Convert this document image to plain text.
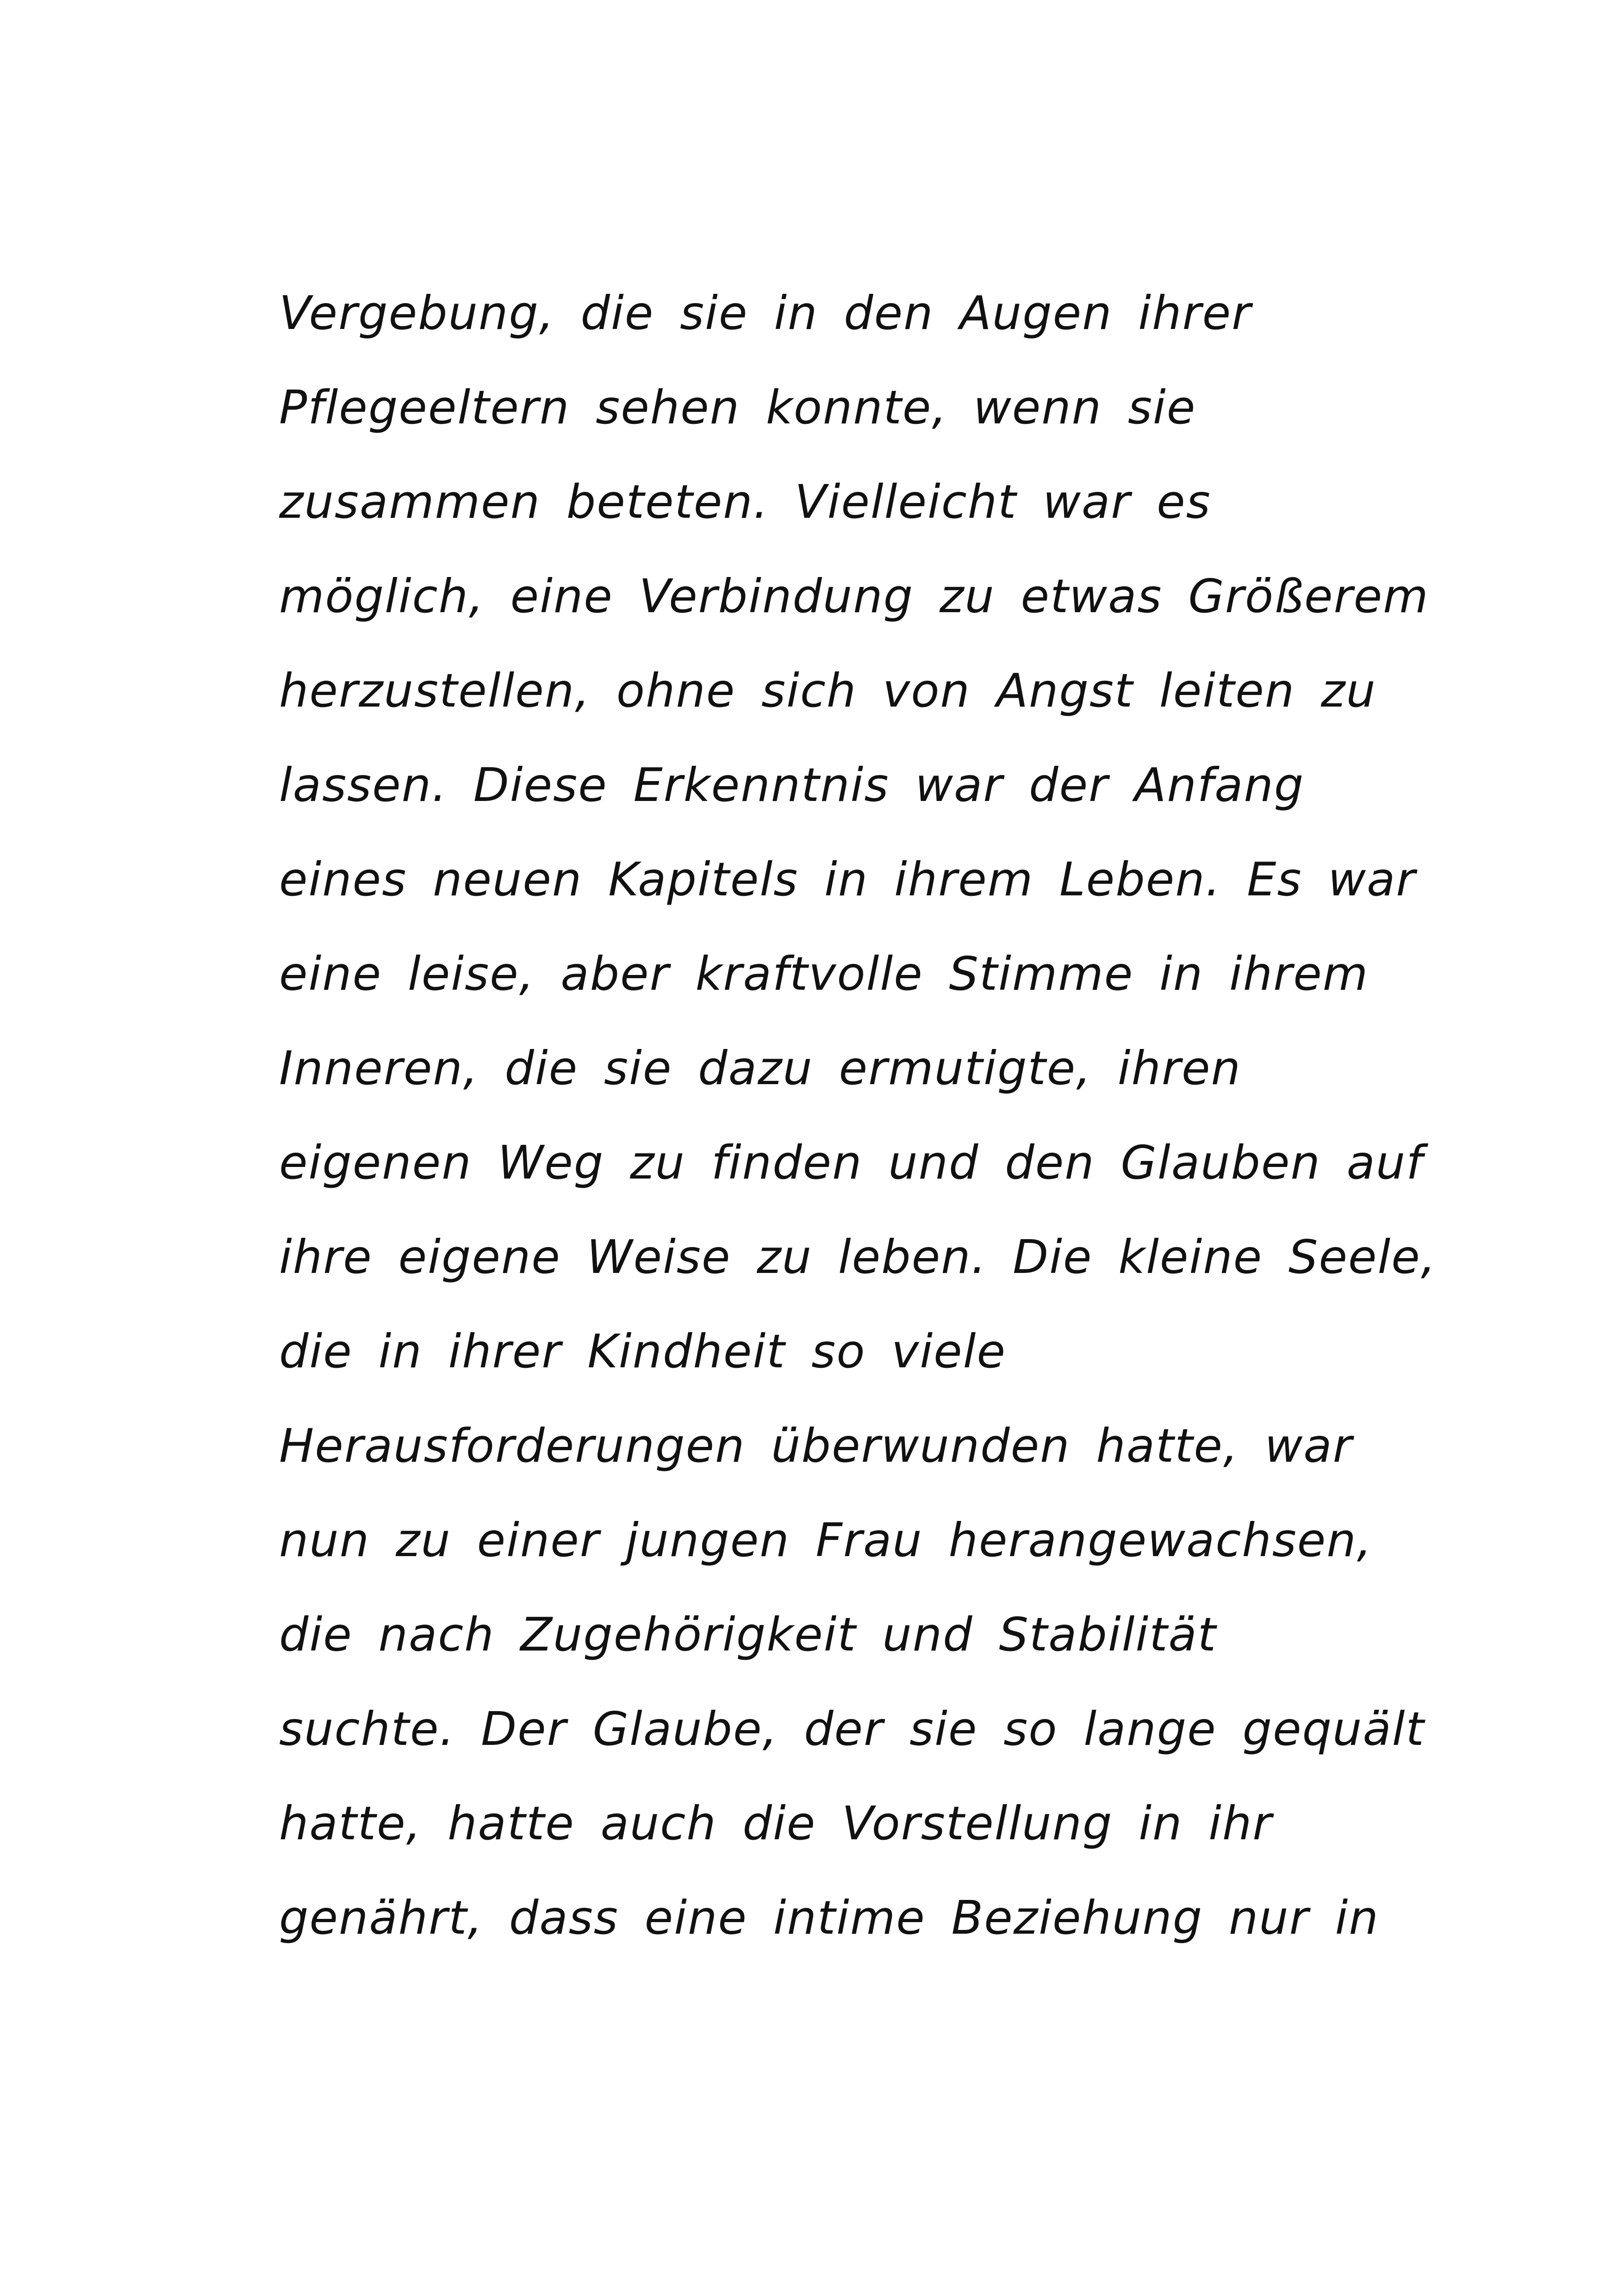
Vergebung, die sie in den Augen ihrer
Pflegeeltern sehen konnte, wenn sie
zusammen beteten. Vielleicht war es
möglich, eine Verbindung zu etwas Größerem
herzustellen, ohne sich von Angst leiten zu
lassen. Diese Erkenntnis war der Anfang
eines neuen Kapitels in ihrem Leben. Es war
eine leise, aber kraftvolle Stimme in ihrem
Inneren, die sie dazu ermutigte, ihren
eigenen Weg zu finden und den Glauben auf
ihre eigene Weise zu leben. Die kleine Seele,
die in ihrer Kindheit so viele
Herausforderungen überwunden hatte, war
nun zu einer jungen Frau herangewachsen,
die nach Zugehörigkeit und Stabilität
suchte. Der Glaube, der sie so lange gequält
hatte, hatte auch die Vorstellung in ihr
genährt, dass eine intime Beziehung nur in
